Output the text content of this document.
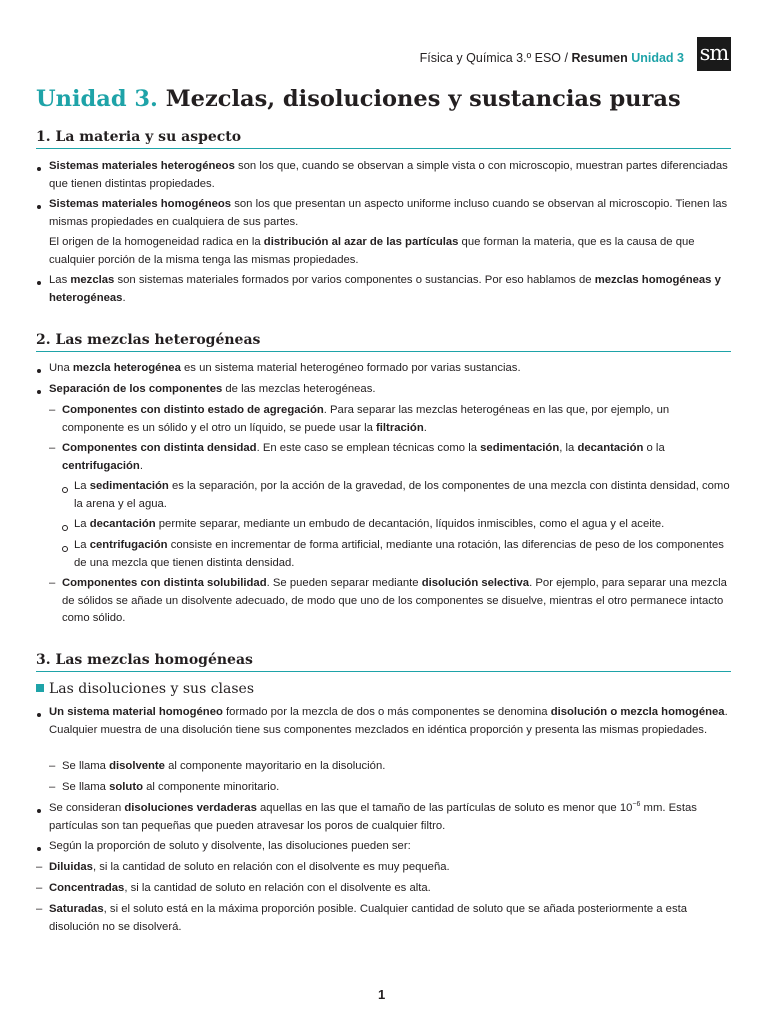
Física y Química 3.º ESO / Resumen Unidad 3 sm
Unidad 3. Mezclas, disoluciones y sustancias puras
1. La materia y su aspecto
Sistemas materiales heterogéneos son los que, cuando se observan a simple vista o con microscopio, muestran partes diferenciadas que tienen distintas propiedades.
Sistemas materiales homogéneos son los que presentan un aspecto uniforme incluso cuando se observan al microscopio. Tienen las mismas propiedades en cualquiera de sus partes.
El origen de la homogeneidad radica en la distribución al azar de las partículas que forman la materia, que es la causa de que cualquier porción de la misma tenga las mismas propiedades.
Las mezclas son sistemas materiales formados por varios componentes o sustancias. Por eso hablamos de mezclas homogéneas y heterogéneas.
2. Las mezclas heterogéneas
Una mezcla heterogénea es un sistema material heterogéneo formado por varias sustancias.
Separación de los componentes de las mezclas heterogéneas.
– Componentes con distinto estado de agregación. Para separar las mezclas heterogéneas en las que, por ejemplo, un componente es un sólido y el otro un líquido, se puede usar la filtración.
– Componentes con distinta densidad. En este caso se emplean técnicas como la sedimentación, la decantación o la centrifugación.
La sedimentación es la separación, por la acción de la gravedad, de los componentes de una mezcla con distinta densidad, como la arena y el agua.
La decantación permite separar, mediante un embudo de decantación, líquidos inmiscibles, como el agua y el aceite.
La centrifugación consiste en incrementar de forma artificial, mediante una rotación, las diferencias de peso de los componentes de una mezcla que tienen distinta densidad.
– Componentes con distinta solubilidad. Se pueden separar mediante disolución selectiva. Por ejemplo, para separar una mezcla de sólidos se añade un disolvente adecuado, de modo que uno de los componentes se disuelve, mientras el otro permanece intacto como sólido.
3. Las mezclas homogéneas
Las disoluciones y sus clases
Un sistema material homogéneo formado por la mezcla de dos o más componentes se denomina disolución o mezcla homogénea. Cualquier muestra de una disolución tiene sus componentes mezclados en idéntica proporción y presenta las mismas propiedades.
– Se llama disolvente al componente mayoritario en la disolución.
– Se llama soluto al componente minoritario.
Se consideran disoluciones verdaderas aquellas en las que el tamaño de las partículas de soluto es menor que $10^{-6}$ mm. Estas partículas son tan pequeñas que pueden atravesar los poros de cualquier filtro.
Según la proporción de soluto y disolvente, las disoluciones pueden ser:
– Diluidas, si la cantidad de soluto en relación con el disolvente es muy pequeña.
– Concentradas, si la cantidad de soluto en relación con el disolvente es alta.
– Saturadas, si el soluto está en la máxima proporción posible. Cualquier cantidad de soluto que se añada posteriormente a esta disolución no se disolverá.
1
